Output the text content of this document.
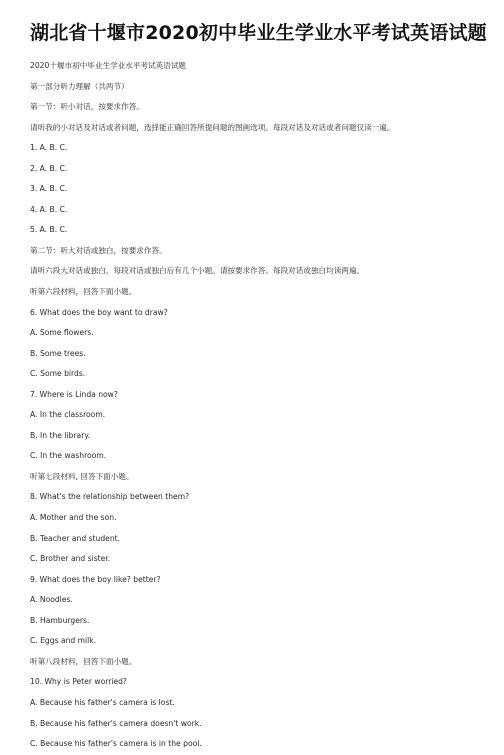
湖北省十堰市2020初中毕业生学业水平考试英语试题
2020十堰市初中毕业生学业水平考试英语试题
第一部分听力理解（共两节）
第一节：听小对话，按要求作答。
请听我的小对话及对话或者问题，选择能正确回答所提问题的图画选项。每段对话及对话或者问题仅读一遍。
1. A. B. C.
2. A. B. C.
3. A. B. C.
4. A. B. C.
5. A. B. C.
第二节：听大对话或独白，按要求作答。
请听六段大对话或独白，每段对话或独白后有几个小题。请按要求作答。每段对话或独白均读两遍。
听第六段材料，回答下面小题。
6. What does the boy want to draw?
A. Some flowers.
B. Some trees.
C. Some birds.
7. Where is Linda now?
A. In the classroom.
B. In the library.
C. In the washroom.
听第七段材料, 回答下面小题。
8. What's the relationship between them?
A. Mother and the son.
B. Teacher and student.
C. Brother and sister.
9. What does the boy like? better?
A. Noodles.
B. Hamburgers.
C. Eggs and milk.
听第八段材料，回答下面小题。
10. Why is Peter worried?
A. Because his father's camera is lost.
B. Because his father's camera doesn't work.
C. Because his father's camera is in the pool.
